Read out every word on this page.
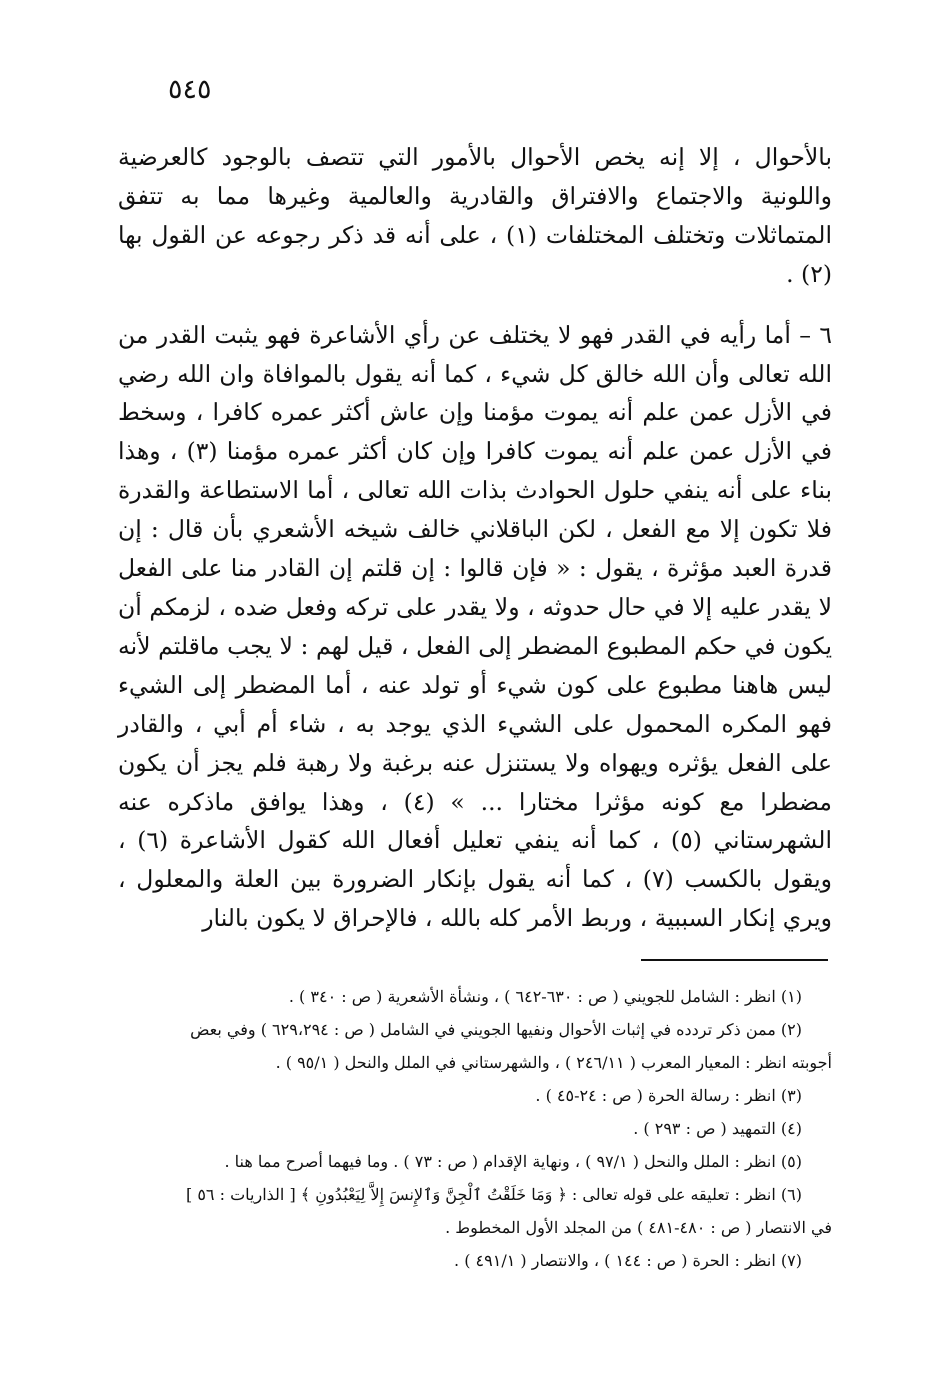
٥٤٥

بالأحوال ، إلا إنه يخص الأحوال بالأمور التي تتصف بالوجود كالعرضية واللونية والاجتماع والافتراق والقادرية والعالمية وغيرها مما به تتفق المتماثلات وتختلف المختلفات (١) ، على أنه قد ذكر رجوعه عن القول بها (٢) .

٦ – أما رأيه في القدر فهو لا يختلف عن رأي الأشاعرة فهو يثبت القدر من الله تعالى وأن الله خالق كل شيء ، كما أنه يقول بالموافاة وان الله رضي في الأزل عمن علم أنه يموت مؤمنا وإن عاش أكثر عمره كافرا ، وسخط في الأزل عمن علم أنه يموت كافرا وإن كان أكثر عمره مؤمنا (٣) ، وهذا بناء على أنه ينفي حلول الحوادث بذات الله تعالى ، أما الاستطاعة والقدرة فلا تكون إلا مع الفعل ، لكن الباقلاني خالف شيخه الأشعري بأن قال : إن قدرة العبد مؤثرة ، يقول : « فإن قالوا : إن قلتم إن القادر منا على الفعل لا يقدر عليه إلا في حال حدوثه ، ولا يقدر على تركه وفعل ضده ، لزمكم أن يكون في حكم المطبوع المضطر إلى الفعل ، قيل لهم : لا يجب ماقلتم لأنه ليس هاهنا مطبوع على كون شيء أو تولد عنه ، أما المضطر إلى الشيء فهو المكره المحمول على الشيء الذي يوجد به ، شاء أم أبي ، والقادر على الفعل يؤثره ويهواه ولا يستنزل عنه برغبة ولا رهبة فلم يجز أن يكون مضطرا مع كونه مؤثرا مختارا ... » (٤) ، وهذا يوافق ماذكره عنه الشهرستاني (٥) ، كما أنه ينفي تعليل أفعال الله كقول الأشاعرة (٦) ، ويقول بالكسب (٧) ، كما أنه يقول بإنكار الضرورة بين العلة والمعلول ، ويري إنكار السببية ، وربط الأمر كله بالله ، فالإحراق لا يكون بالنار

(١) انظر : الشامل للجويني ( ص : ٦٣٠-٦٤٢ ) ، ونشأة الأشعرية ( ص : ٣٤٠ ) .

(٢) ممن ذكر تردده في إثبات الأحوال ونفيها الجويني في الشامل ( ص : ٦٢٩،٢٩٤ ) وفي بعض

أجوبته انظر : المعيار المعرب ( ٢٤٦/١١ ) ، والشهرستاني في الملل والنحل ( ٩٥/١ ) .

(٣) انظر : رسالة الحرة ( ص : ٢٤-٤٥ ) .

(٤) التمهيد ( ص : ٢٩٣ ) .

(٥) انظر : الملل والنحل ( ٩٧/١ ) ، ونهاية الإقدام ( ص : ٧٣ ) . وما فيهما أصرح مما هنا .

(٦) انظر : تعليقه على قوله تعالى : ﴿ وَمَا خَلَقْتُ ٱلْجِنَّ وَٱلإِنسَ إِلاَّ لِيَعْبُدُونِ ﴾ [ الذاريات : ٥٦ ]

في الانتصار ( ص : ٤٨٠-٤٨١ ) من المجلد الأول المخطوط .

(٧) انظر : الحرة ( ص : ١٤٤ ) ، والانتصار ( ٤٩١/١ ) .
